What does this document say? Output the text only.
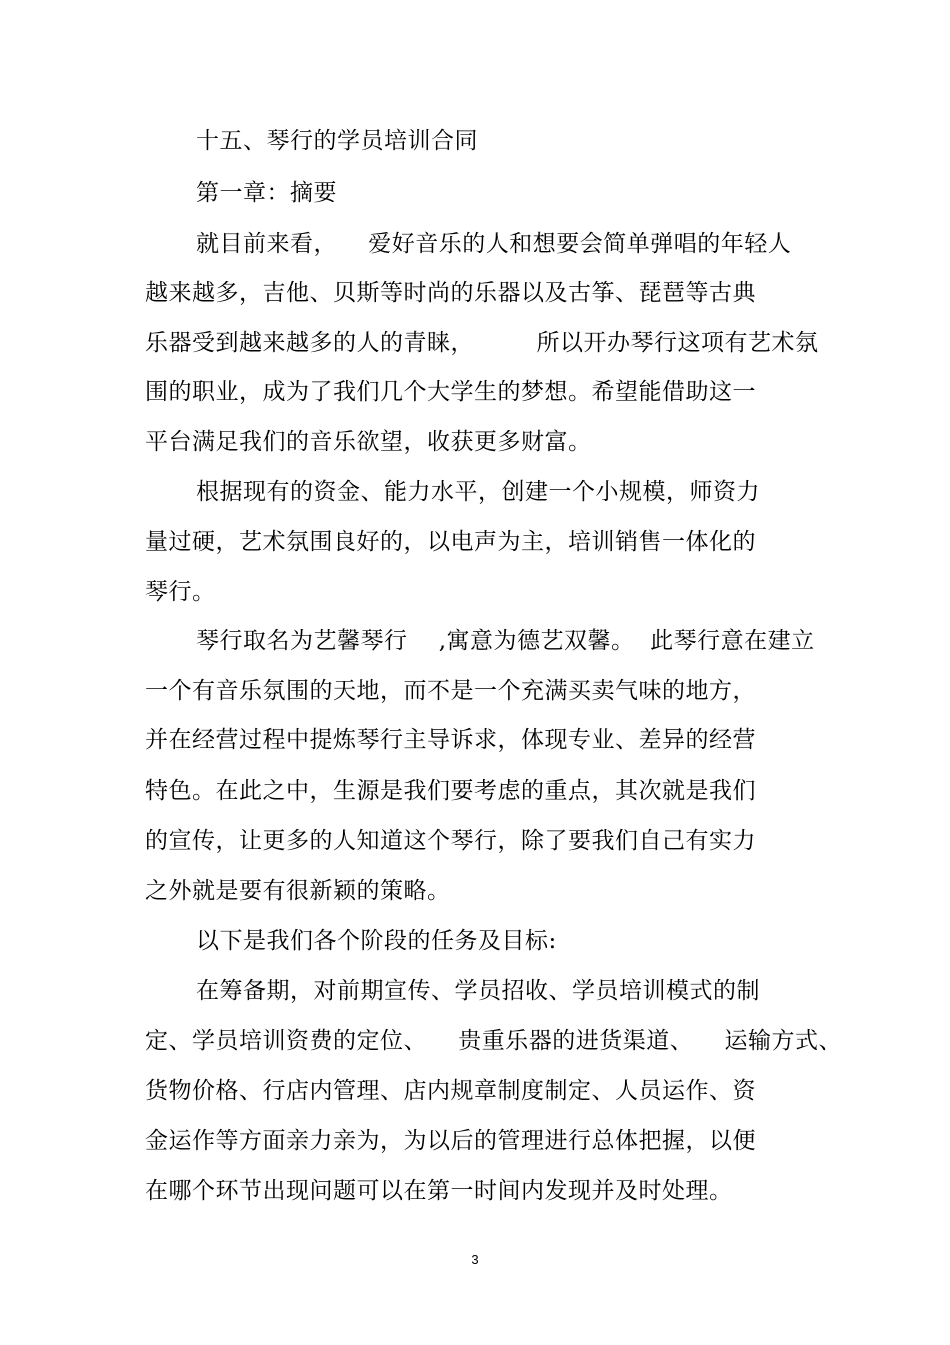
十五、琴行的学员培训合同
第一章：摘要
就目前来看，    爱好音乐的人和想要会简单弹唱的年轻人
越来越多，吉他、贝斯等时尚的乐器以及古筝、琵琶等古典
乐器受到越来越多的人的青睐，        所以开办琴行这项有艺术氛
围的职业，成为了我们几个大学生的梦想。希望能借助这一
平台满足我们的音乐欲望，收获更多财富。
根据现有的资金、能力水平，创建一个小规模，师资力
量过硬，艺术氛围良好的，以电声为主，培训销售一体化的
琴行。
琴行取名为艺馨琴行    ,寓意为德艺双馨。  此琴行意在建立
一个有音乐氛围的天地，而不是一个充满买卖气味的地方，
并在经营过程中提炼琴行主导诉求，体现专业、差异的经营
特色。在此之中，生源是我们要考虑的重点，其次就是我们
的宣传，让更多的人知道这个琴行，除了要我们自己有实力
之外就是要有很新颖的策略。
以下是我们各个阶段的任务及目标:
在筹备期，对前期宣传、学员招收、学员培训模式的制
定、学员培训资费的定位、    贵重乐器的进货渠道、    运输方式、
货物价格、行店内管理、店内规章制度制定、人员运作、资
金运作等方面亲力亲为，为以后的管理进行总体把握，以便
在哪个环节出现问题可以在第一时间内发现并及时处理。
3
